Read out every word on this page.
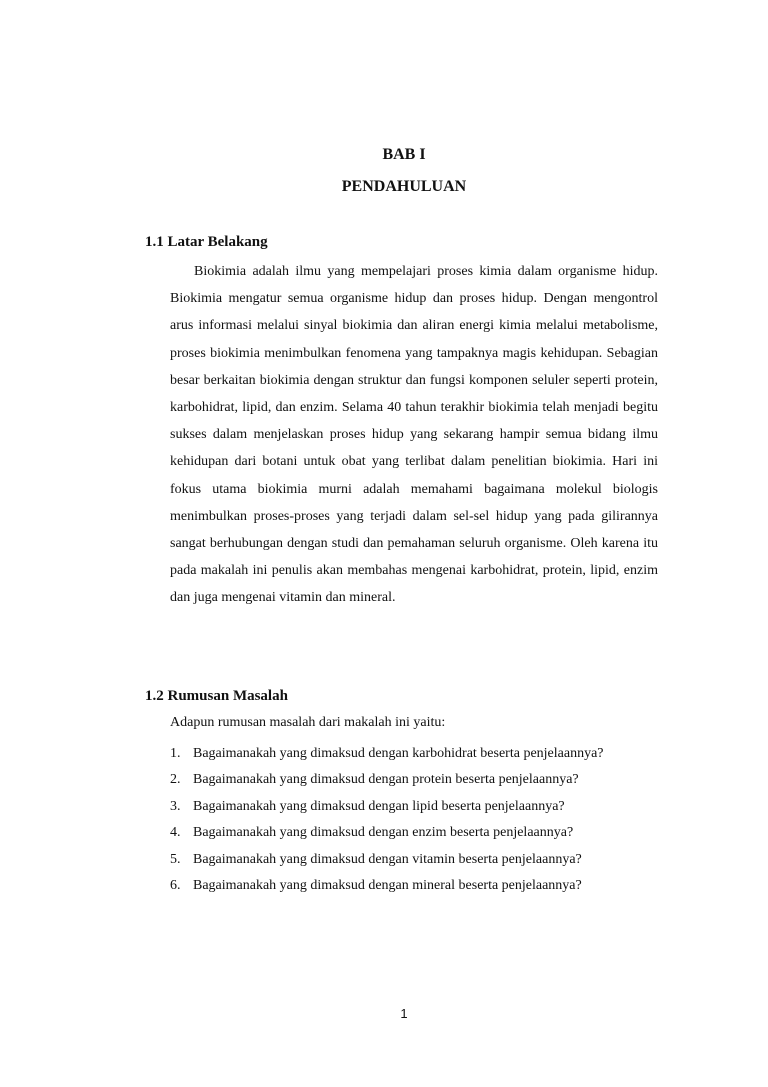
BAB I
PENDAHULUAN
1.1 Latar Belakang

Biokimia adalah ilmu yang mempelajari proses kimia dalam organisme hidup. Biokimia mengatur semua organisme hidup dan proses hidup. Dengan mengontrol arus informasi melalui sinyal biokimia dan aliran energi kimia melalui metabolisme, proses biokimia menimbulkan fenomena yang tampaknya magis kehidupan. Sebagian besar berkaitan biokimia dengan struktur dan fungsi komponen seluler seperti protein, karbohidrat, lipid, dan enzim. Selama 40 tahun terakhir biokimia telah menjadi begitu sukses dalam menjelaskan proses hidup yang sekarang hampir semua bidang ilmu kehidupan dari botani untuk obat yang terlibat dalam penelitian biokimia. Hari ini fokus utama biokimia murni adalah memahami bagaimana molekul biologis menimbulkan proses-proses yang terjadi dalam sel-sel hidup yang pada gilirannya sangat berhubungan dengan studi dan pemahaman seluruh organisme. Oleh karena itu pada makalah ini penulis akan membahas mengenai karbohidrat, protein, lipid, enzim dan juga mengenai vitamin dan mineral.

1.2 Rumusan Masalah
Adapun rumusan masalah dari makalah ini yaitu:
1. Bagaimanakah yang dimaksud dengan karbohidrat beserta penjelaannya?
2. Bagaimanakah yang dimaksud dengan protein beserta penjelaannya?
3. Bagaimanakah yang dimaksud dengan lipid beserta penjelaannya?
4. Bagaimanakah yang dimaksud dengan enzim beserta penjelaannya?
5. Bagaimanakah yang dimaksud dengan vitamin beserta penjelaannya?
6. Bagaimanakah yang dimaksud dengan mineral beserta penjelaannya?
1
